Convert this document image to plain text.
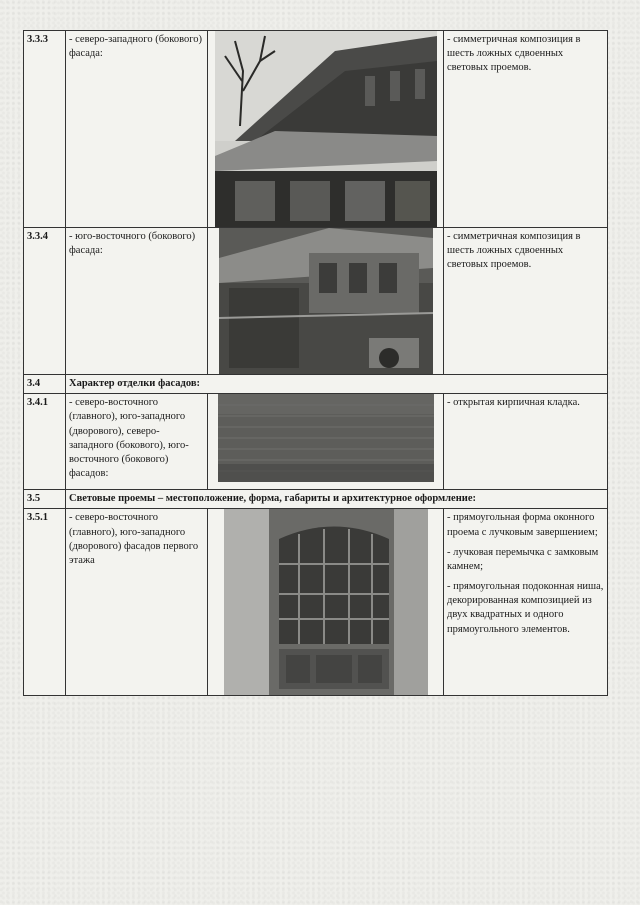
3.3.3	- северо-западного (бокового) фасада:		- симметричная композиция в шесть ложных сдвоенных световых проемов.

3.3.4	- юго-восточного (бокового) фасада:		- симметричная композиция в шесть ложных сдвоенных световых проемов.

3.4	Характер отделки фасадов:		
3.4.1	- северо-восточного (главного), юго-западного (дворового), северо-западного (бокового), юго-восточного (бокового) фасадов:		- открытая кирпичная кладка.

3.5	Световые проемы – местоположение, форма, габариты и архитектурное оформление:		
3.5.1	- северо-восточного (главного), юго-западного (дворового) фасадов первого этажа		- прямоугольная форма оконного проема с лучковым завершением;

- лучковая перемычка с замковым камнем;

- прямоугольная подоконная ниша, декорированная композицией из двух квадратных и одного прямоугольного элементов.
